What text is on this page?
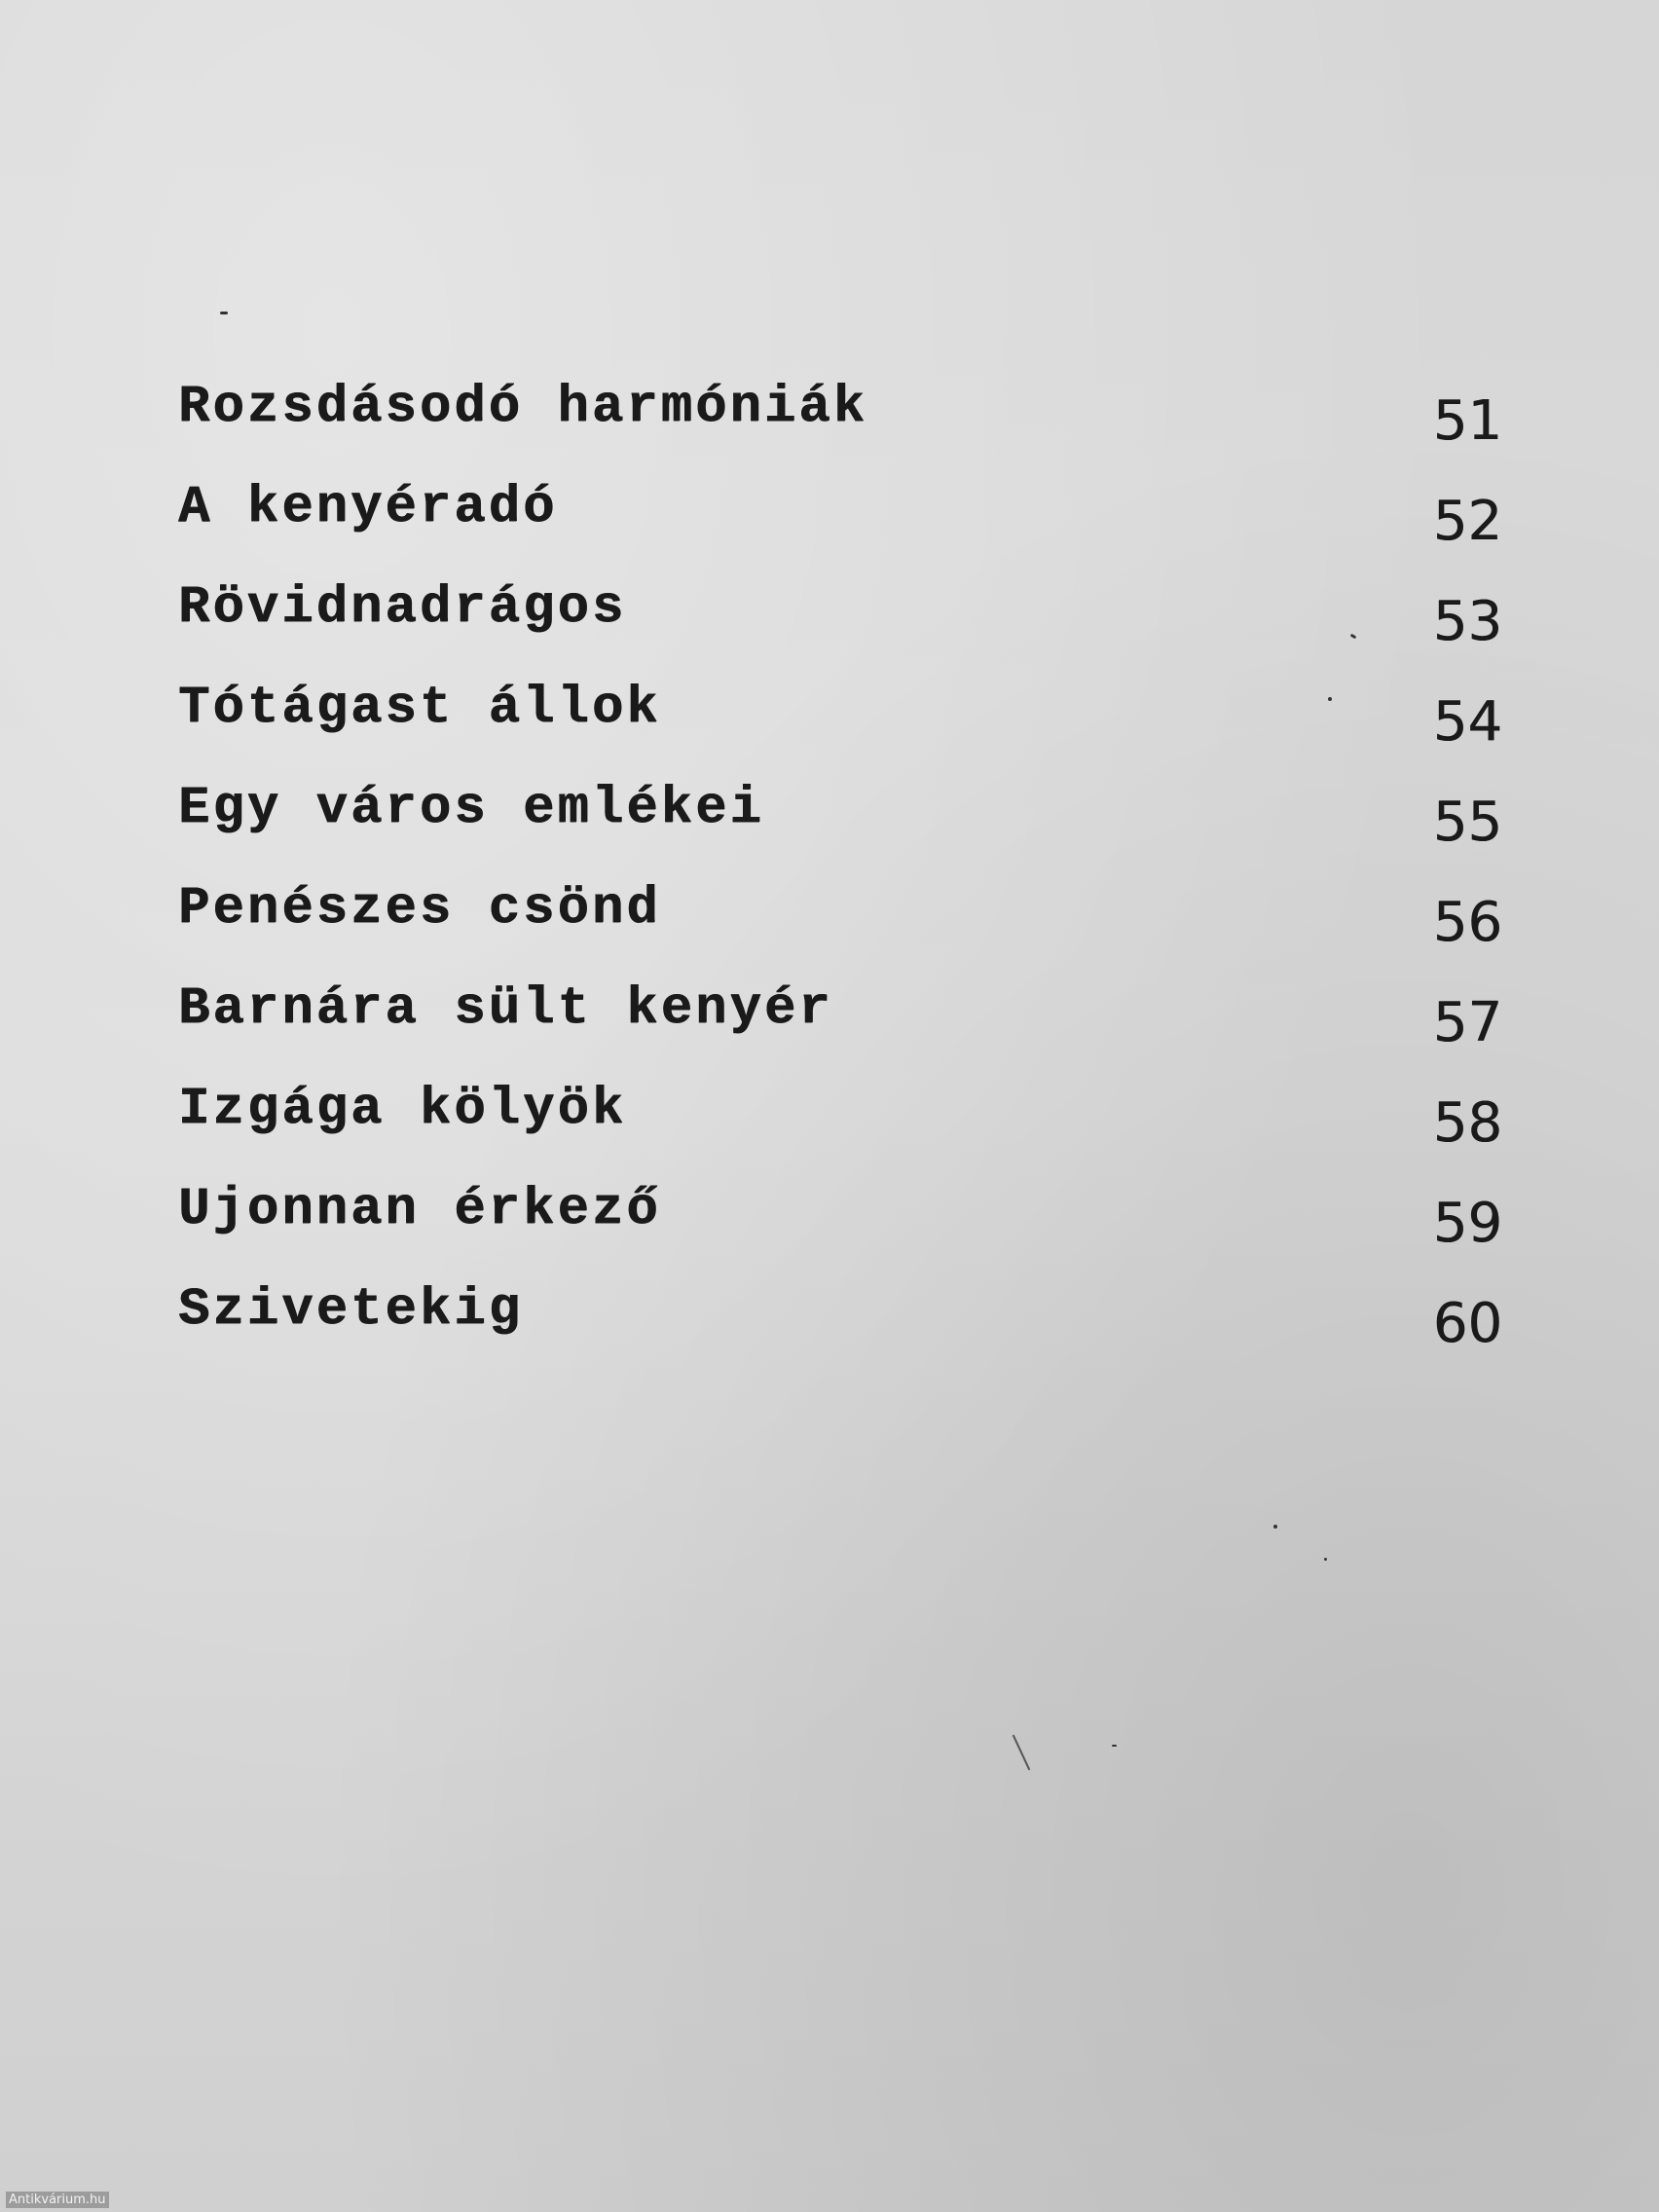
Rozsdásodó harmóniák	51
A kenyéradó	52
Rövidnadrágos	53
Tótágast állok	54
Egy város emlékei	55
Penészes csönd	56
Barnára sült kenyér	57
Izgága kölyök	58
Ujonnan érkező	59
Szivetekig	60
Antikvárium.hu
